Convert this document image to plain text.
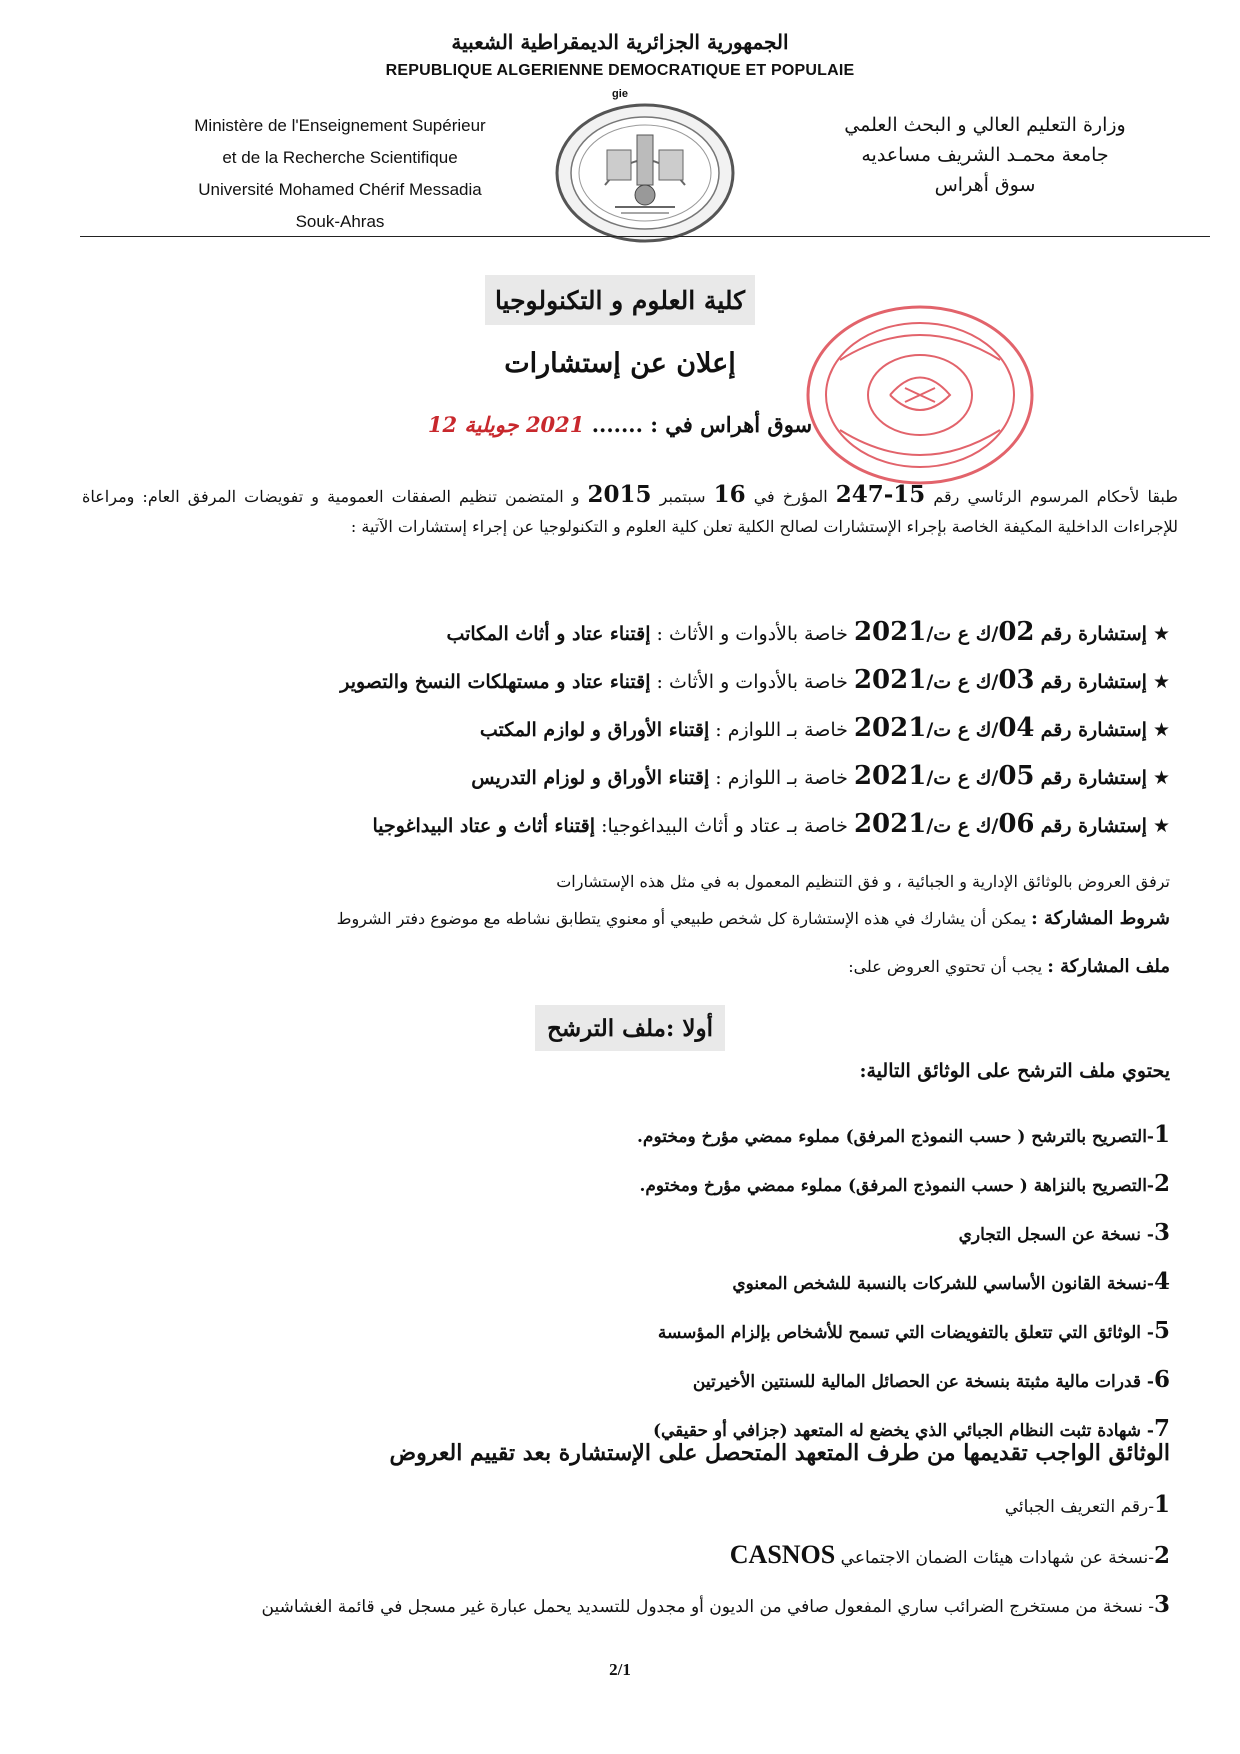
الجمهورية الجزائرية الديمقراطية الشعبية
REPUBLIQUE ALGERIENNE DEMOCRATIQUE ET POPULAIE
gie
Ministère de l'Enseignement Supérieur
et de la Recherche Scientifique
Université Mohamed Chérif Messadia
Souk-Ahras
وزارة التعليم العالي و البحث العلمي
جامعة محمـد الشريف مساعديه
سوق أهراس
كلية العلوم و التكنولوجيا
إعلان عن إستشارات
سوق أهراس في : ....... 2021 جويلية 12
طبقا لأحكام المرسوم الرئاسي رقم 15-247 المؤرخ في 16 سبتمبر 2015 و المتضمن تنظيم الصفقات العمومية و تفويضات المرفق العام: ومراعاة للإجراءات الداخلية المكيفة الخاصة بإجراء الإستشارات لصالح الكلية تعلن كلية العلوم و التكنولوجيا عن إجراء إستشارات الآتية :
★ إستشارة رقم 02/ك ع ت/2021 خاصة بالأدوات و الأثاث : إقتناء عتاد و أثاث المكاتب
★ إستشارة رقم 03/ك ع ت/2021 خاصة بالأدوات و الأثاث : إقتناء عتاد و مستهلكات النسخ والتصوير
★ إستشارة رقم 04/ك ع ت/2021 خاصة بـ اللوازم : إقتناء الأوراق و لوازم المكتب
★ إستشارة رقم 05/ك ع ت/2021 خاصة بـ اللوازم : إقتناء الأوراق و لوزام التدريس
★ إستشارة رقم 06/ك ع ت/2021 خاصة بـ عتاد و أثاث البيداغوجيا: إقتناء أثاث و عتاد البيداغوجيا
ترفق العروض بالوثائق الإدارية و الجبائية ، و فق التنظيم المعمول به في مثل هذه الإستشارات
شروط المشاركة : يمكن أن يشارك في هذه الإستشارة كل شخص طبيعي أو معنوي يتطابق نشاطه مع موضوع دفتر الشروط
ملف المشاركة : يجب أن تحتوي العروض على:
أولا :ملف الترشح
يحتوي ملف الترشح على الوثائق التالية:
1-التصريح بالترشح ( حسب النموذج المرفق) مملوء ممضي مؤرخ ومختوم.
2-التصريح بالنزاهة ( حسب النموذج المرفق) مملوء ممضي مؤرخ ومختوم.
3- نسخة عن السجل التجاري
4-نسخة القانون الأساسي للشركات بالنسبة للشخص المعنوي
5- الوثائق التي تتعلق بالتفويضات التي تسمح للأشخاص بإلزام المؤسسة
6- قدرات مالية مثبتة بنسخة عن الحصائل المالية للسنتين الأخيرتين
7- شهادة تثبت النظام الجبائي الذي يخضع له المتعهد (جزافي أو حقيقي)
الوثائق الواجب تقديمها من طرف المتعهد المتحصل على الإستشارة بعد تقييم العروض
1-رقم التعريف الجبائي
2-نسخة عن شهادات هيئات الضمان الاجتماعي CASNOS
3- نسخة من مستخرج الضرائب ساري المفعول صافي من الديون أو مجدول للتسديد يحمل عبارة غير مسجل في قائمة الغشاشين
2/1
